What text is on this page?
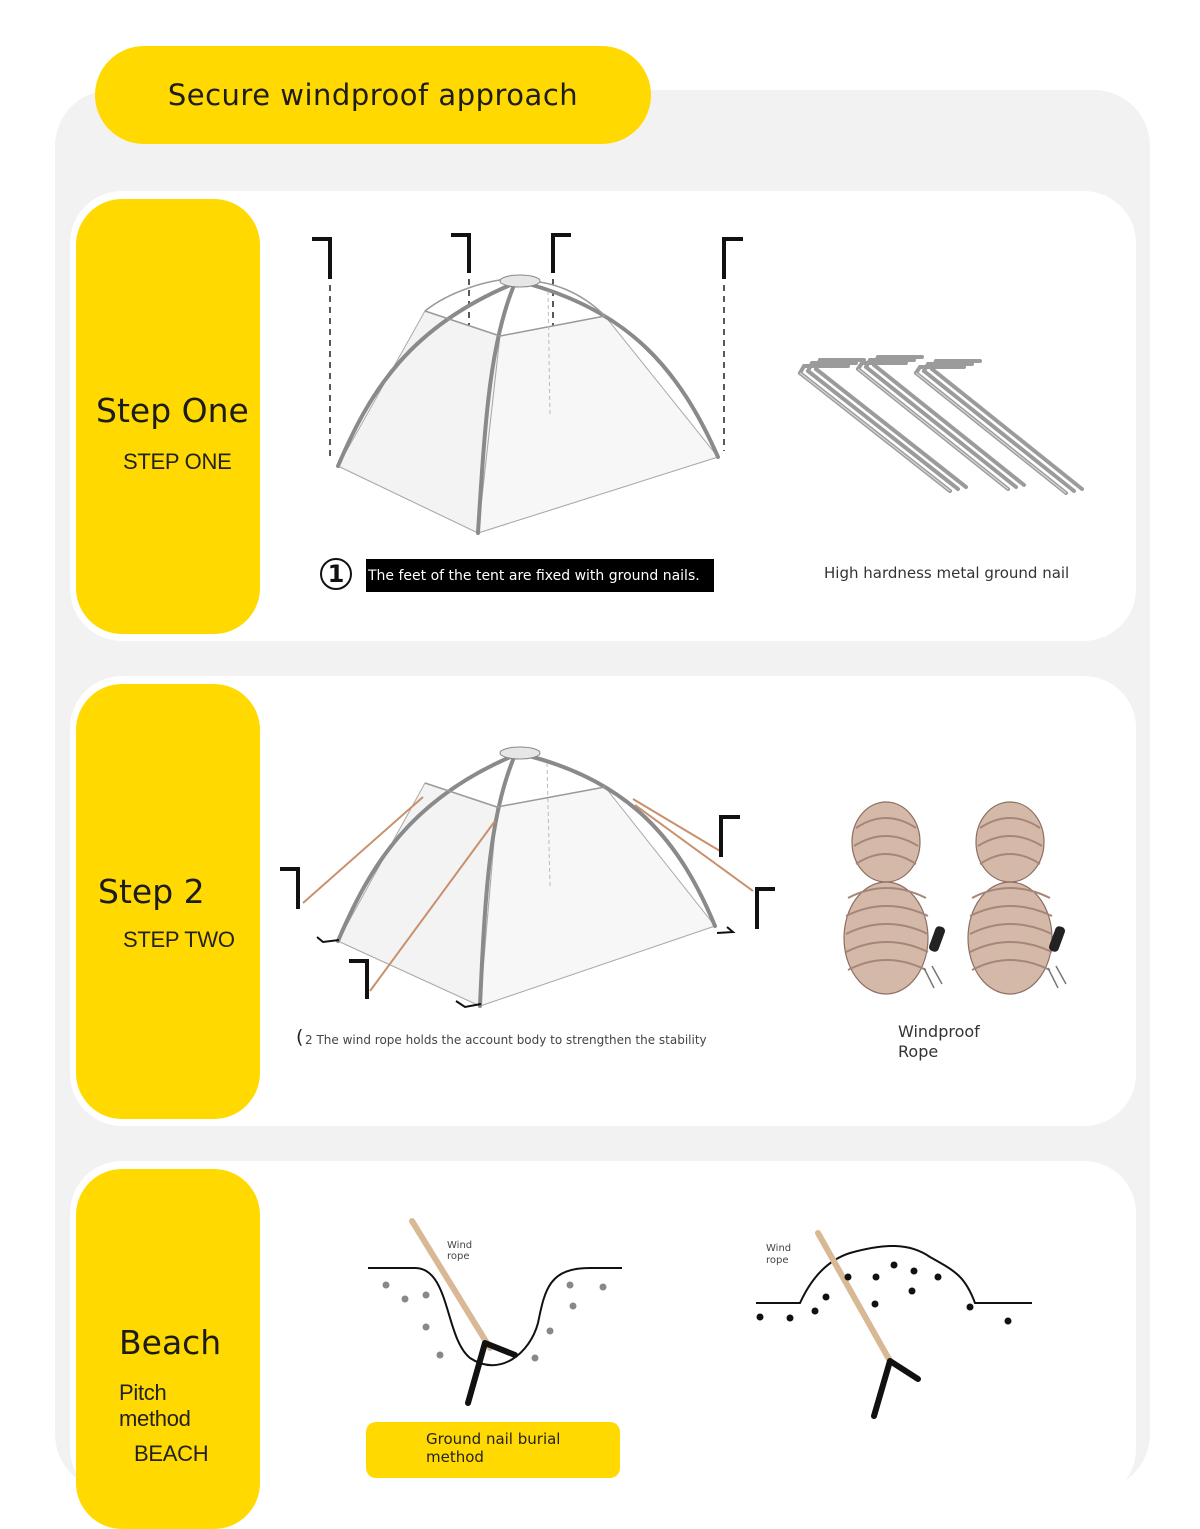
Secure windproof approach
Step One
STEP ONE
1	The feet of the tent are fixed with ground nails.	High hardness metal ground nail
Step 2
STEP TWO
( 2 The wind rope holds the account body to strengthen the stability	Windproof
Rope
Beach
Pitch
method
BEACH
Wind
rope
Ground nail burial method
Wind
rope
